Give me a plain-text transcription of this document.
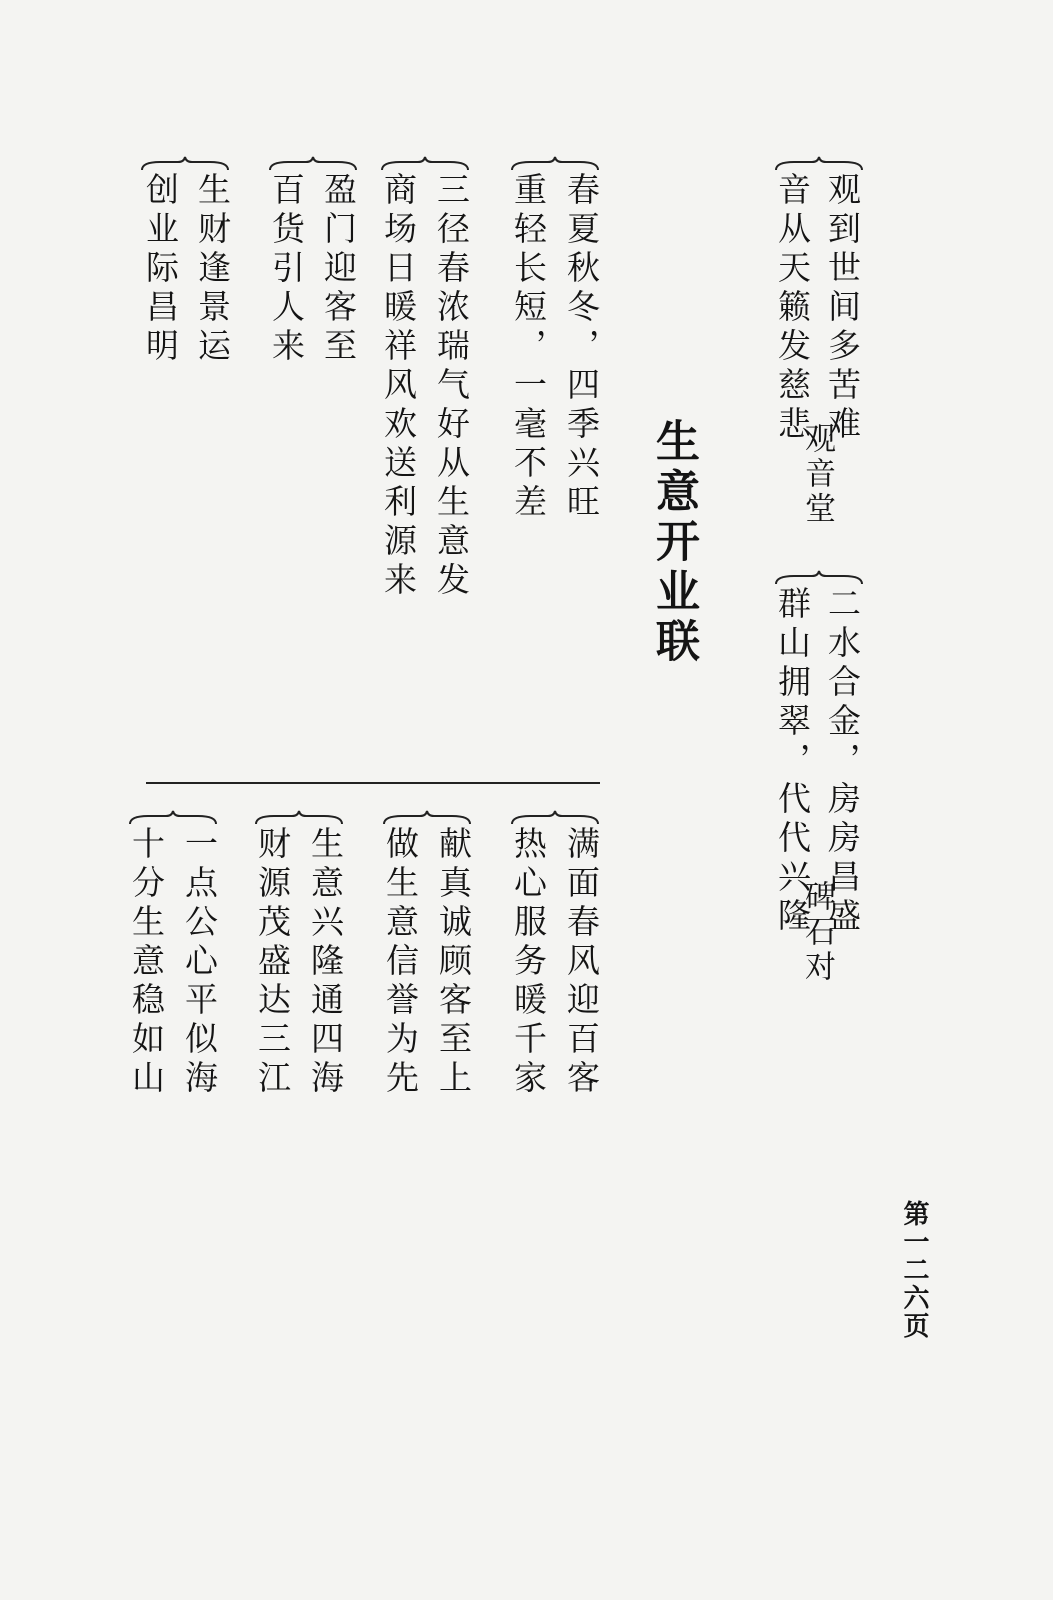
生意开业联
观到世间多苦难
音从天籁发慈悲
观音堂
二水合金，房房昌盛
群山拥翠，代代兴隆
碑石对
春夏秋冬，四季兴旺
重轻长短，一毫不差
三径春浓瑞气好从生意发
商场日暖祥风欢送利源来
盈门迎客至
百货引人来
生财逢景运
创业际昌明
满面春风迎百客
热心服务暖千家
献真诚顾客至上
做生意信誉为先
生意兴隆通四海
财源茂盛达三江
一点公心平似海
十分生意稳如山
第一二六页
